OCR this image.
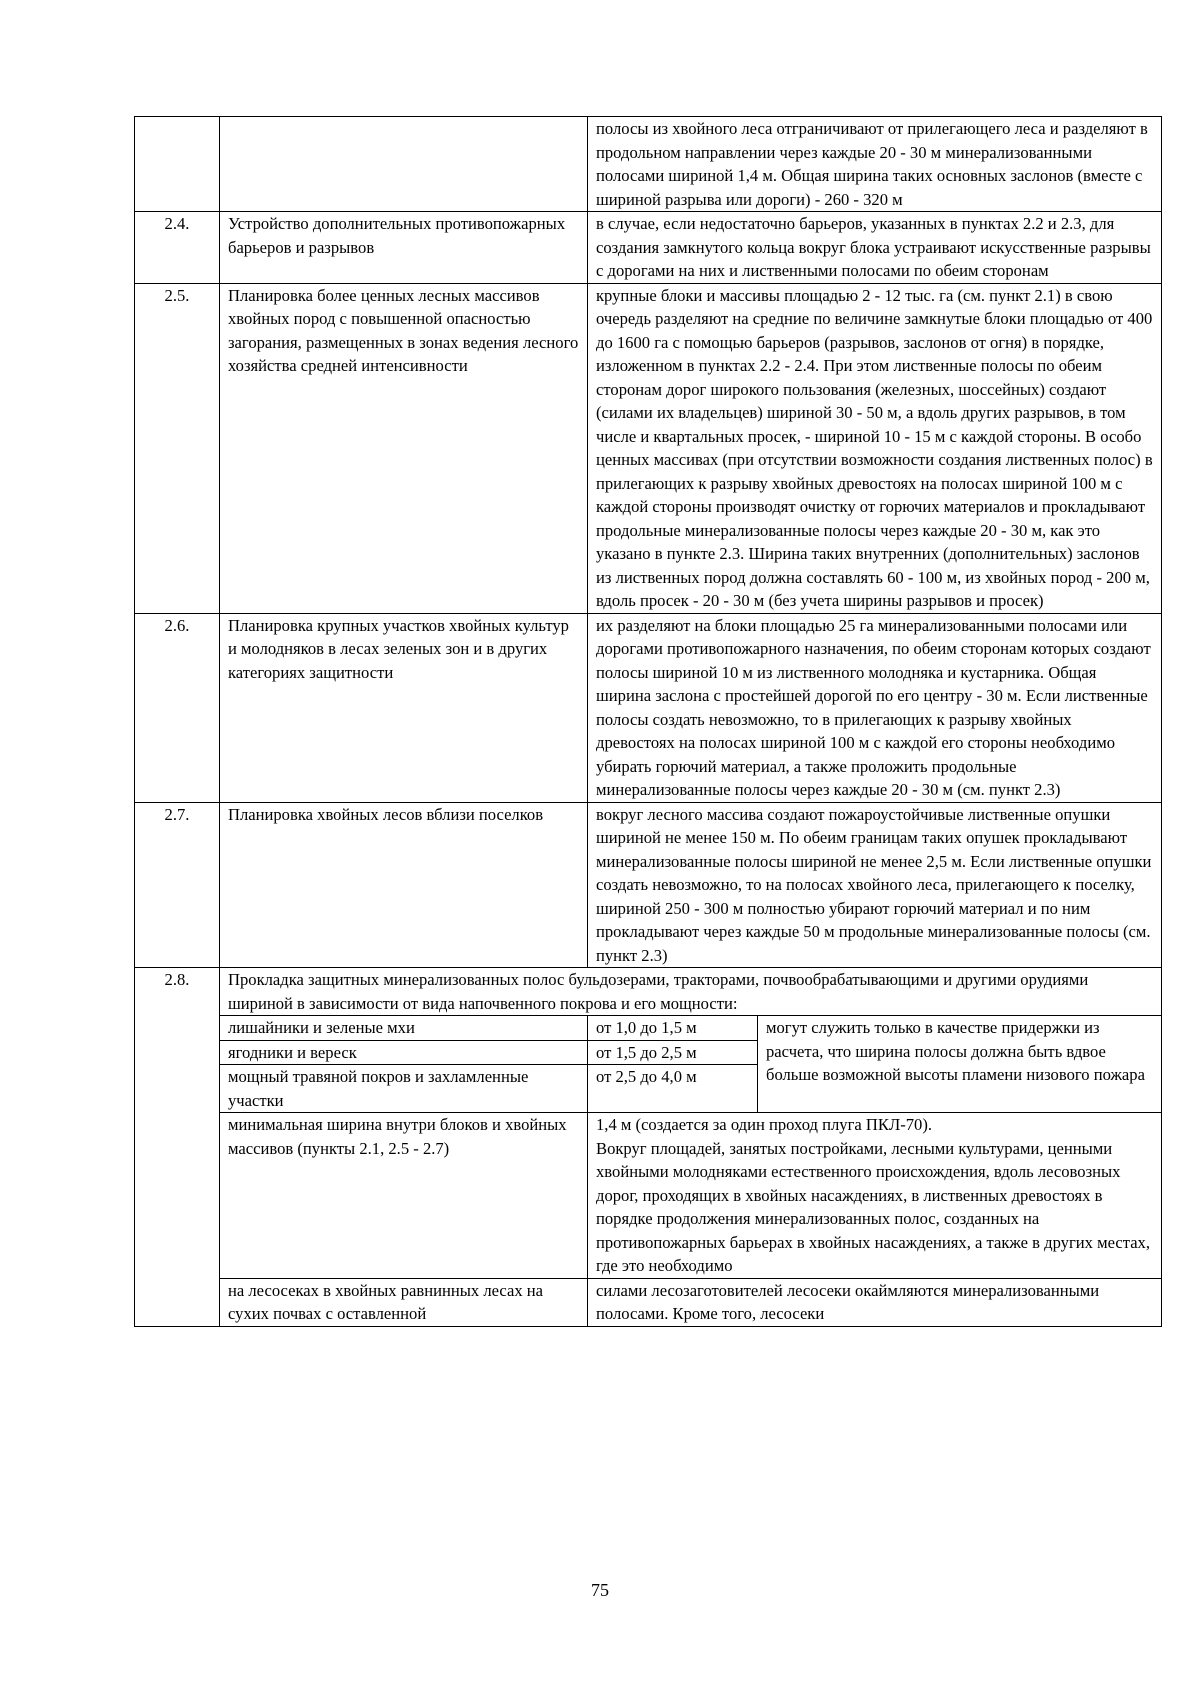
		полосы из хвойного леса отграничивают от прилегающего леса и разделяют в продольном направлении через каждые 20 - 30 м минерализованными полосами шириной 1,4 м. Общая ширина таких основных заслонов (вместе с шириной разрыва или дороги) - 260 - 320 м	
2.4.	Устройство дополнительных противопожарных барьеров и разрывов	в случае, если недостаточно барьеров, указанных в пунктах 2.2 и 2.3, для создания замкнутого кольца вокруг блока устраивают искусственные разрывы с дорогами на них и лиственными полосами по обеим сторонам	
2.5.	Планировка более ценных лесных массивов хвойных пород с повышенной опасностью загорания, размещенных в зонах ведения лесного хозяйства средней интенсивности	крупные блоки и массивы площадью 2 - 12 тыс. га (см. пункт 2.1) в свою очередь разделяют на средние по величине замкнутые блоки площадью от 400 до 1600 га с помощью барьеров (разрывов, заслонов от огня) в порядке, изложенном в пунктах 2.2 - 2.4. При этом лиственные полосы по обеим сторонам дорог широкого пользования (железных, шоссейных) создают (силами их владельцев) шириной 30 - 50 м, а вдоль других разрывов, в том числе и квартальных просек, - шириной 10 - 15 м с каждой стороны. В особо ценных массивах (при отсутствии возможности создания лиственных полос) в прилегающих к разрыву хвойных древостоях на полосах шириной 100 м с каждой стороны производят очистку от горючих материалов и прокладывают продольные минерализованные полосы через каждые 20 - 30 м, как это указано в пункте 2.3. Ширина таких внутренних (дополнительных) заслонов из лиственных пород должна составлять 60 - 100 м, из хвойных пород - 200 м, вдоль просек - 20 - 30 м (без учета ширины разрывов и просек)	
2.6.	Планировка крупных участков хвойных культур и молодняков в лесах зеленых зон и в других категориях защитности	их разделяют на блоки площадью 25 га минерализованными полосами или дорогами противопожарного назначения, по обеим сторонам которых создают полосы шириной 10 м из лиственного молодняка и кустарника. Общая ширина заслона с простейшей дорогой по его центру - 30 м. Если лиственные полосы создать невозможно, то в прилегающих к разрыву хвойных древостоях на полосах шириной 100 м с каждой его стороны необходимо убирать горючий материал, а также проложить продольные минерализованные полосы через каждые 20 - 30 м (см. пункт 2.3)	
2.7.	Планировка хвойных лесов вблизи поселков	вокруг лесного массива создают пожароустойчивые лиственные опушки шириной не менее 150 м. По обеим границам таких опушек прокладывают минерализованные полосы шириной не менее 2,5 м. Если лиственные опушки создать невозможно, то на полосах хвойного леса, прилегающего к поселку, шириной 250 - 300 м полностью убирают горючий материал и по ним прокладывают через каждые 50 м продольные минерализованные полосы (см. пункт 2.3)	
2.8.	Прокладка защитных минерализованных полос бульдозерами, тракторами, почвообрабатывающими и другими орудиями шириной в зависимости от вида напочвенного покрова и его мощности:		
	лишайники и зеленые мхи	от 1,0 до 1,5 м	могут служить только в качестве придержки из расчета, что ширина полосы должна быть вдвое больше возможной высоты пламени низового пожара
	ягодники и вереск	от 1,5 до 2,5 м	
	мощный травяной покров и захламленные участки	от 2,5 до 4,0 м	
	минимальная ширина внутри блоков и хвойных массивов (пункты 2.1, 2.5 - 2.7)	1,4 м (создается за один проход плуга ПКЛ-70).
Вокруг площадей, занятых постройками, лесными культурами, ценными хвойными молодняками естественного происхождения, вдоль лесовозных дорог, проходящих в хвойных насаждениях, в лиственных древостоях в порядке продолжения минерализованных полос, созданных на противопожарных барьерах в хвойных насаждениях, а также в других местах, где это необходимо	

	на лесосеках в хвойных равнинных лесах на сухих почвах с оставленной	силами лесозаготовителей лесосеки окаймляются минерализованными полосами. Кроме того, лесосеки	
75
